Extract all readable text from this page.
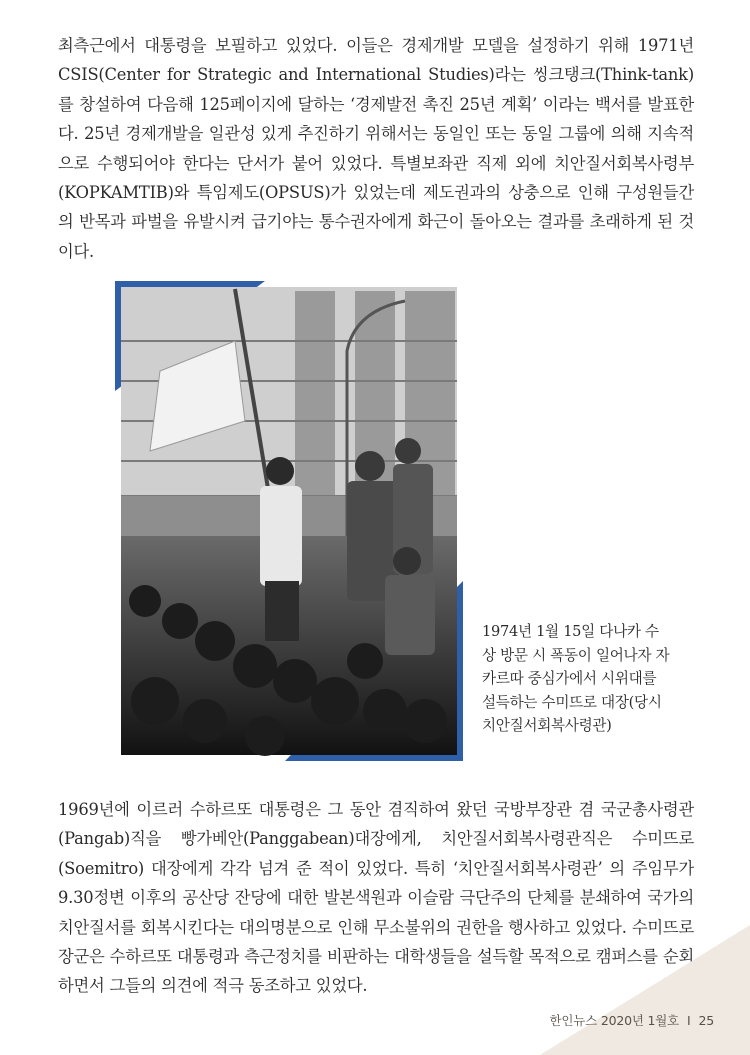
최측근에서 대통령을 보필하고 있었다. 이들은 경제개발 모델을 설정하기 위해 1971년 CSIS(Center for Strategic and International Studies)라는 씽크탱크(Think-tank)를 창설하여 다음해 125페이지에 달하는 ‘경제발전 촉진 25년 계획’ 이라는 백서를 발표한다. 25년 경제개발을 일관성 있게 추진하기 위해서는 동일인 또는 동일 그룹에 의해 지속적으로 수행되어야 한다는 단서가 붙어 있었다. 특별보좌관 직제 외에 치안질서회복사령부(KOPKAMTIB)와 특임제도(OPSUS)가 있었는데 제도권과의 상충으로 인해 구성원들간의 반목과 파벌을 유발시켜 급기야는 통수권자에게 화근이 돌아오는 결과를 초래하게 된 것이다.

1974년 1월 15일 다나카 수상 방문 시 폭동이 일어나자 자카르따 중심가에서 시위대를 설득하는 수미뜨로 대장(당시 치안질서회복사령관)

1969년에 이르러 수하르또 대통령은 그 동안 겸직하여 왔던 국방부장관 겸 국군총사령관(Pangab)직을 빵가베안(Panggabean)대장에게, 치안질서회복사령관직은 수미뜨로(Soemitro) 대장에게 각각 넘겨 준 적이 있었다. 특히 ‘치안질서회복사령관’ 의 주임무가 9.30정변 이후의 공산당 잔당에 대한 발본색원과 이슬람 극단주의 단체를 분쇄하여 국가의 치안질서를 회복시킨다는 대의명분으로 인해 무소불위의 권한을 행사하고 있었다. 수미뜨로 장군은 수하르또 대통령과 측근정치를 비판하는 대학생들을 설득할 목적으로 캠퍼스를 순회하면서 그들의 의견에 적극 동조하고 있었다.

한인뉴스 2020년 1월호 I 25
